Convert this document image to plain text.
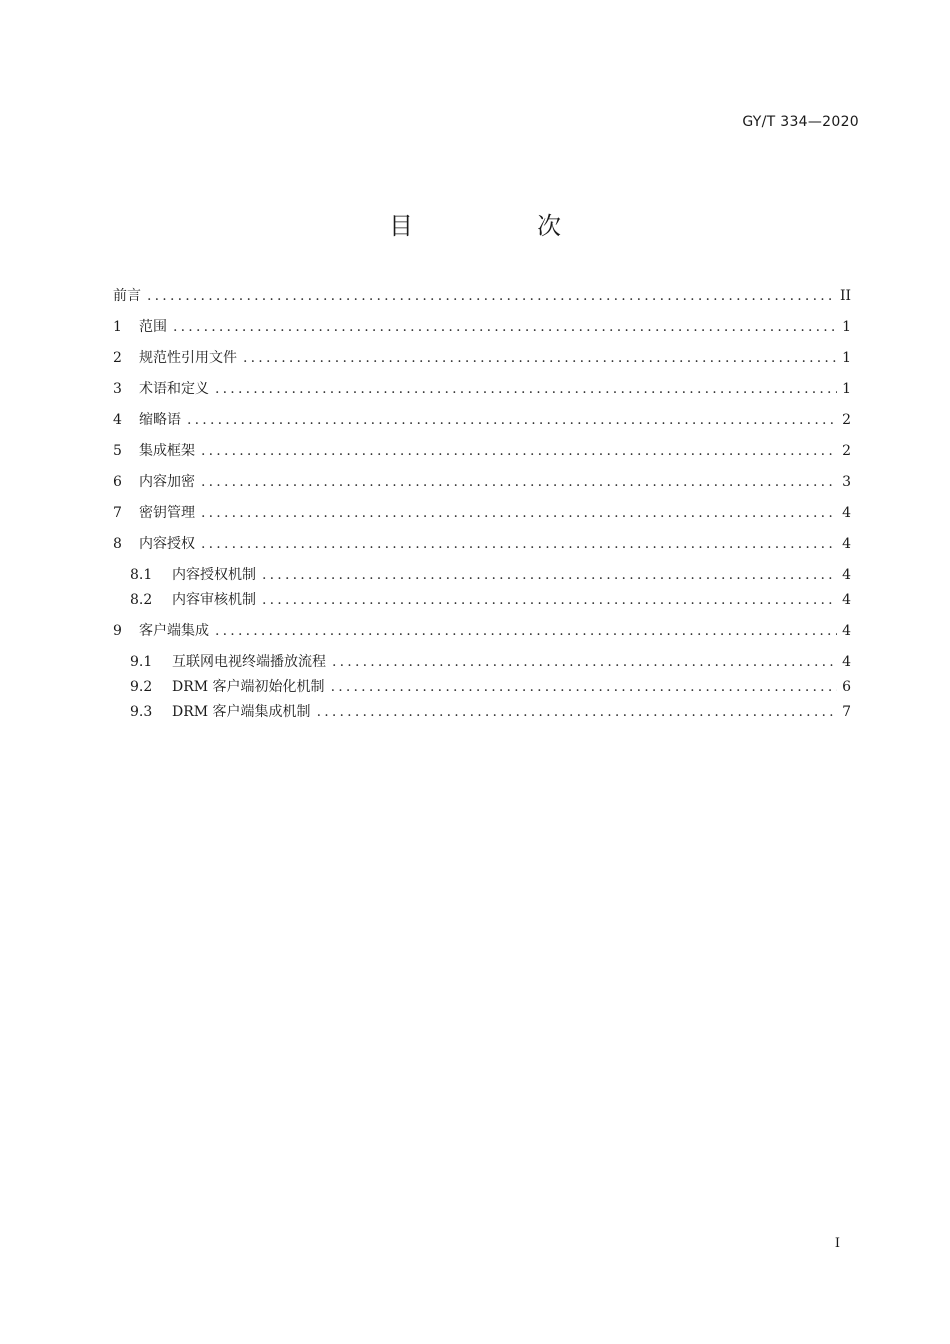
GY/T 334—2020
目　次
前言 .....	II
1	范围 .....	1
2	规范性引用文件 .....	1
3	术语和定义 .....	1
4	缩略语 .....	2
5	集成框架 .....	2
6	内容加密 .....	3
7	密钥管理 .....	4
8	内容授权 .....	4
8.1	内容授权机制 .....	4
8.2	内容审核机制 .....	4
9	客户端集成 .....	4
9.1	互联网电视终端播放流程 .....	4
9.2	DRM 客户端初始化机制 .....	6
9.3	DRM 客户端集成机制 .....	7
I
